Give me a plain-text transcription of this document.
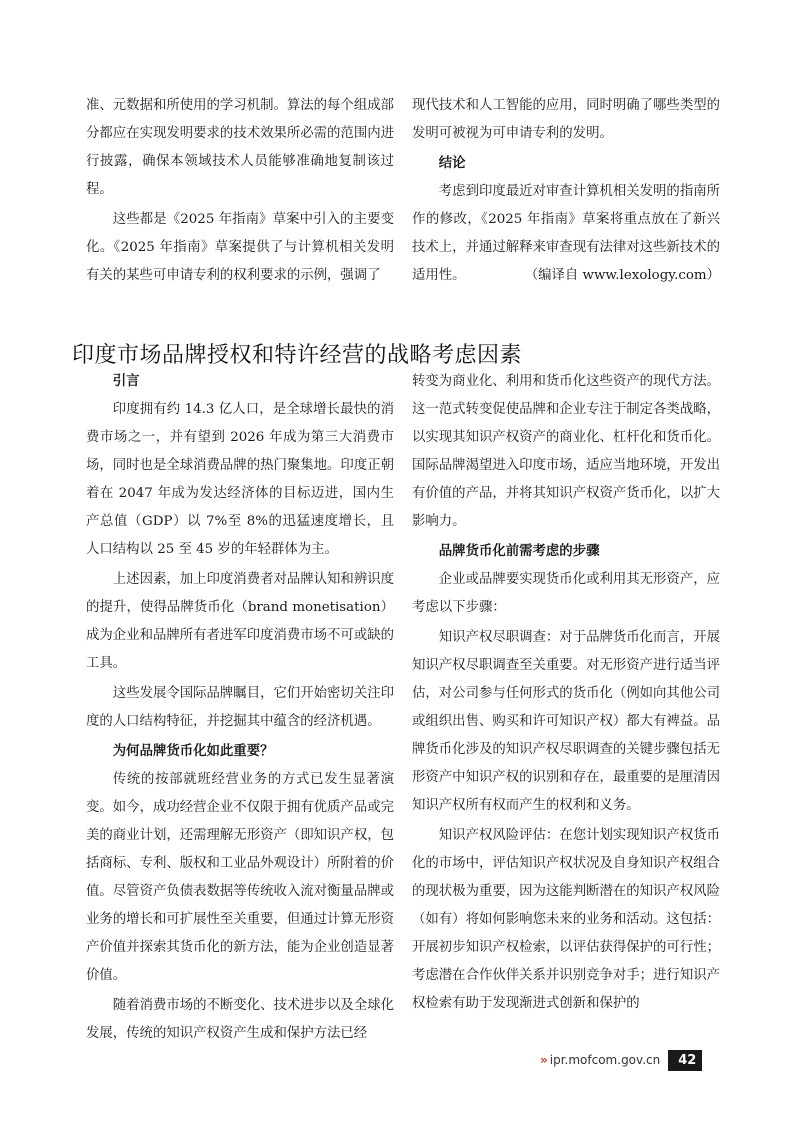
准、元数据和所使用的学习机制。算法的每个组成部分都应在实现发明要求的技术效果所必需的范围内进行披露，确保本领域技术人员能够准确地复制该过程。

这些都是《2025 年指南》草案中引入的主要变化。《2025 年指南》草案提供了与计算机相关发明有关的某些可申请专利的权利要求的示例，强调了

现代技术和人工智能的应用，同时明确了哪些类型的发明可被视为可申请专利的发明。

结论

考虑到印度最近对审查计算机相关发明的指南所作的修改，《2025 年指南》草案将重点放在了新兴技术上，并通过解释来审查现有法律对这些新技术的适用性。	（编译自 www.lexology.com）

印度市场品牌授权和特许经营的战略考虑因素
引言

印度拥有约 14.3 亿人口，是全球增长最快的消费市场之一，并有望到 2026 年成为第三大消费市场，同时也是全球消费品牌的热门聚集地。印度正朝着在 2047 年成为发达经济体的目标迈进，国内生产总值（GDP）以 7%至 8%的迅猛速度增长，且人口结构以 25 至 45 岁的年轻群体为主。

上述因素，加上印度消费者对品牌认知和辨识度的提升，使得品牌货币化（brand monetisation）成为企业和品牌所有者进军印度消费市场不可或缺的工具。

这些发展令国际品牌瞩目，它们开始密切关注印度的人口结构特征，并挖掘其中蕴含的经济机遇。

为何品牌货币化如此重要？

传统的按部就班经营业务的方式已发生显著演变。如今，成功经营企业不仅限于拥有优质产品或完美的商业计划，还需理解无形资产（即知识产权，包括商标、专利、版权和工业品外观设计）所附着的价值。尽管资产负债表数据等传统收入流对衡量品牌或业务的增长和可扩展性至关重要，但通过计算无形资产价值并探索其货币化的新方法，能为企业创造显著价值。

随着消费市场的不断变化、技术进步以及全球化发展，传统的知识产权资产生成和保护方法已经

转变为商业化、利用和货币化这些资产的现代方法。这一范式转变促使品牌和企业专注于制定各类战略，以实现其知识产权资产的商业化、杠杆化和货币化。国际品牌渴望进入印度市场，适应当地环境，开发出有价值的产品，并将其知识产权资产货币化，以扩大影响力。

品牌货币化前需考虑的步骤

企业或品牌要实现货币化或利用其无形资产，应考虑以下步骤：

知识产权尽职调查：对于品牌货币化而言，开展知识产权尽职调查至关重要。对无形资产进行适当评估，对公司参与任何形式的货币化（例如向其他公司或组织出售、购买和许可知识产权）都大有裨益。品牌货币化涉及的知识产权尽职调查的关键步骤包括无形资产中知识产权的识别和存在，最重要的是厘清因知识产权所有权而产生的权利和义务。

知识产权风险评估：在您计划实现知识产权货币化的市场中，评估知识产权状况及自身知识产权组合的现状极为重要，因为这能判断潜在的知识产权风险（如有）将如何影响您未来的业务和活动。这包括：开展初步知识产权检索，以评估获得保护的可行性；考虑潜在合作伙伴关系并识别竞争对手；进行知识产权检索有助于发现渐进式创新和保护的

» ipr.mofcom.gov.cn	42
